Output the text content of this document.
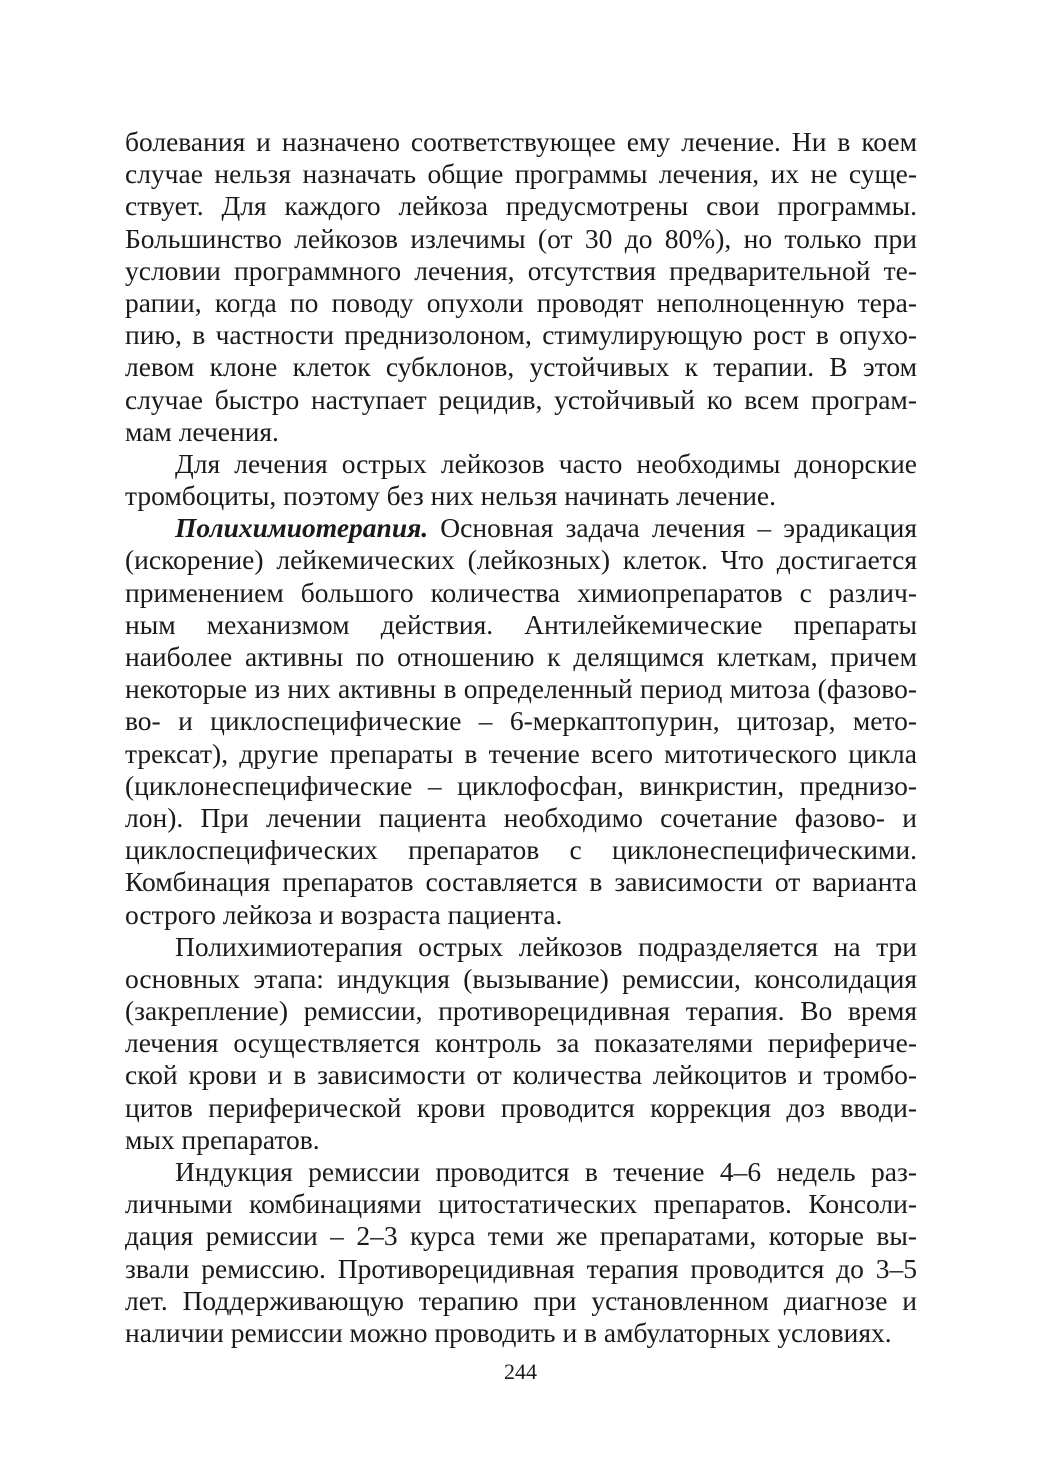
болевания и назначено соответствующее ему лечение. Ни в коем
случае нельзя назначать общие программы лечения, их не суще-
ствует. Для каждого лейкоза предусмотрены свои программы.
Большинство лейкозов излечимы (от 30 до 80%), но только при
условии программного лечения, отсутствия предварительной те-
рапии, когда по поводу опухоли проводят неполноценную тера-
пию, в частности преднизолоном, стимулирующую рост в опухо-
левом клоне клеток субклонов, устойчивых к терапии. В этом
случае быстро наступает рецидив, устойчивый ко всем програм-
мам лечения.
Для лечения острых лейкозов часто необходимы донорские
тромбоциты, поэтому без них нельзя начинать лечение.
Полихимиотерапия. Основная задача лечения – эрадикация
(искорение) лейкемических (лейкозных) клеток. Что достигается
применением большого количества химиопрепаратов с различ-
ным механизмом действия. Антилейкемические препараты
наиболее активны по отношению к делящимся клеткам, причем
некоторые из них активны в определенный период митоза (фазово-
во- и циклоспецифические – 6-меркаптопурин, цитозар, мето-
трексат), другие препараты в течение всего митотического цикла
(циклонеспецифические – циклофосфан, винкристин, преднизо-
лон). При лечении пациента необходимо сочетание фазово- и
циклоспецифических препаратов с циклонеспецифическими.
Комбинация препаратов составляется в зависимости от варианта
острого лейкоза и возраста пациента.
Полихимиотерапия острых лейкозов подразделяется на три
основных этапа: индукция (вызывание) ремиссии, консолидация
(закрепление) ремиссии, противорецидивная терапия. Во время
лечения осуществляется контроль за показателями перифериче-
ской крови и в зависимости от количества лейкоцитов и тромбо-
цитов периферической крови проводится коррекция доз вводи-
мых препаратов.
Индукция ремиссии проводится в течение 4–6 недель раз-
личными комбинациями цитостатических препаратов. Консоли-
дация ремиссии – 2–3 курса теми же препаратами, которые вы-
звали ремиссию. Противорецидивная терапия проводится до 3–5
лет. Поддерживающую терапию при установленном диагнозе и
наличии ремиссии можно проводить и в амбулаторных условиях.
244
